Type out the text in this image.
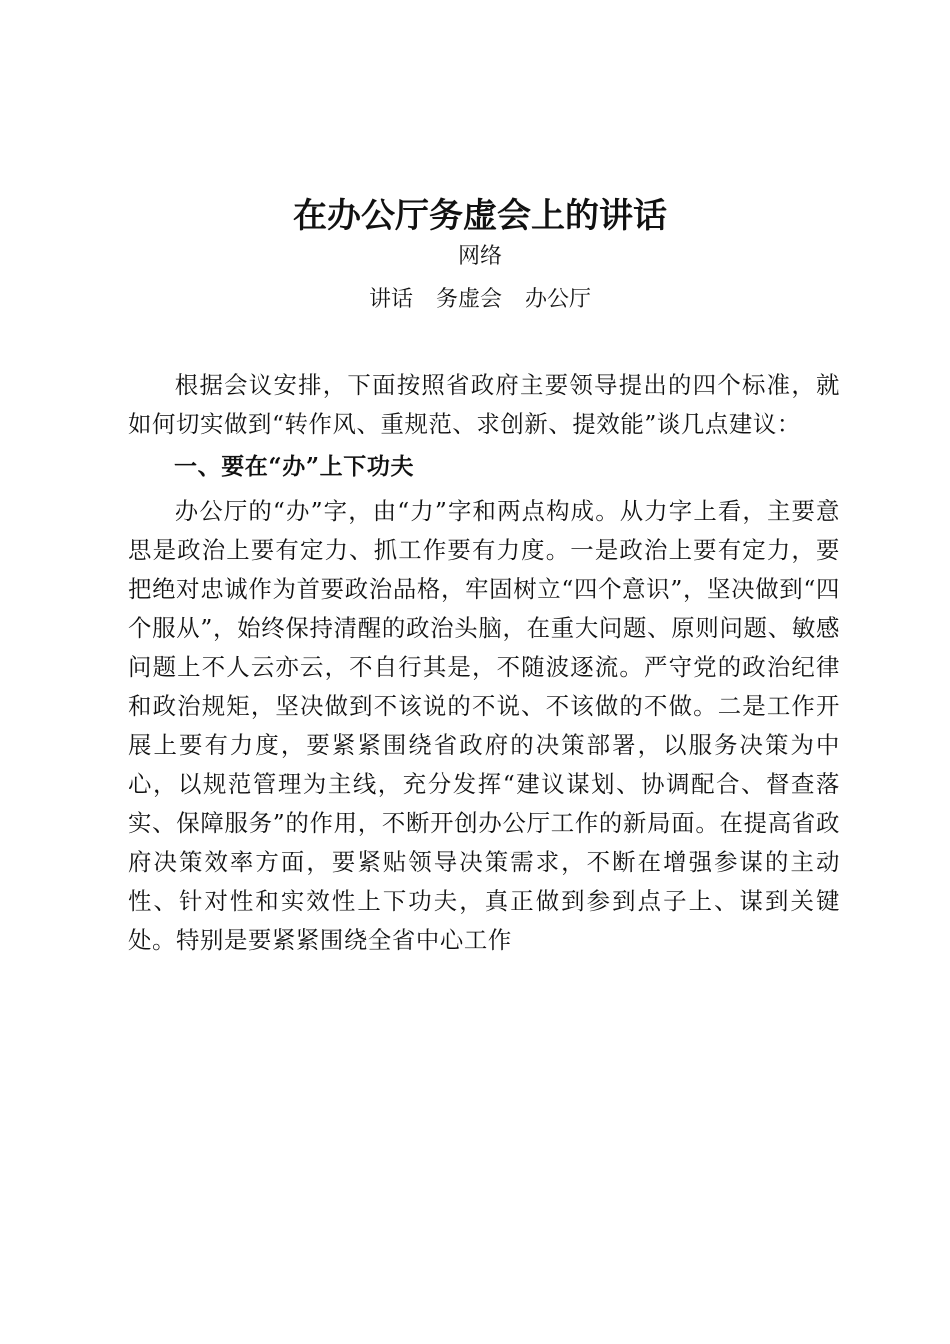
在办公厅务虚会上的讲话
网络
讲话 务虚会 办公厅

根据会议安排，下面按照省政府主要领导提出的四个标准，就如何切实做到“转作风、重规范、求创新、提效能”谈几点建议：

一、要在“办”上下功夫

办公厅的“办”字，由“力”字和两点构成。从力字上看，主要意思是政治上要有定力、抓工作要有力度。一是政治上要有定力，要把绝对忠诚作为首要政治品格，牢固树立“四个意识”，坚决做到“四个服从”，始终保持清醒的政治头脑，在重大问题、原则问题、敏感问题上不人云亦云，不自行其是，不随波逐流。严守党的政治纪律和政治规矩，坚决做到不该说的不说、不该做的不做。二是工作开展上要有力度，要紧紧围绕省政府的决策部署，以服务决策为中心，以规范管理为主线，充分发挥“建议谋划、协调配合、督查落实、保障服务”的作用，不断开创办公厅工作的新局面。在提高省政府决策效率方面，要紧贴领导决策需求，不断在增强参谋的主动性、针对性和实效性上下功夫，真正做到参到点子上、谋到关键处。特别是要紧紧围绕全省中心工作
